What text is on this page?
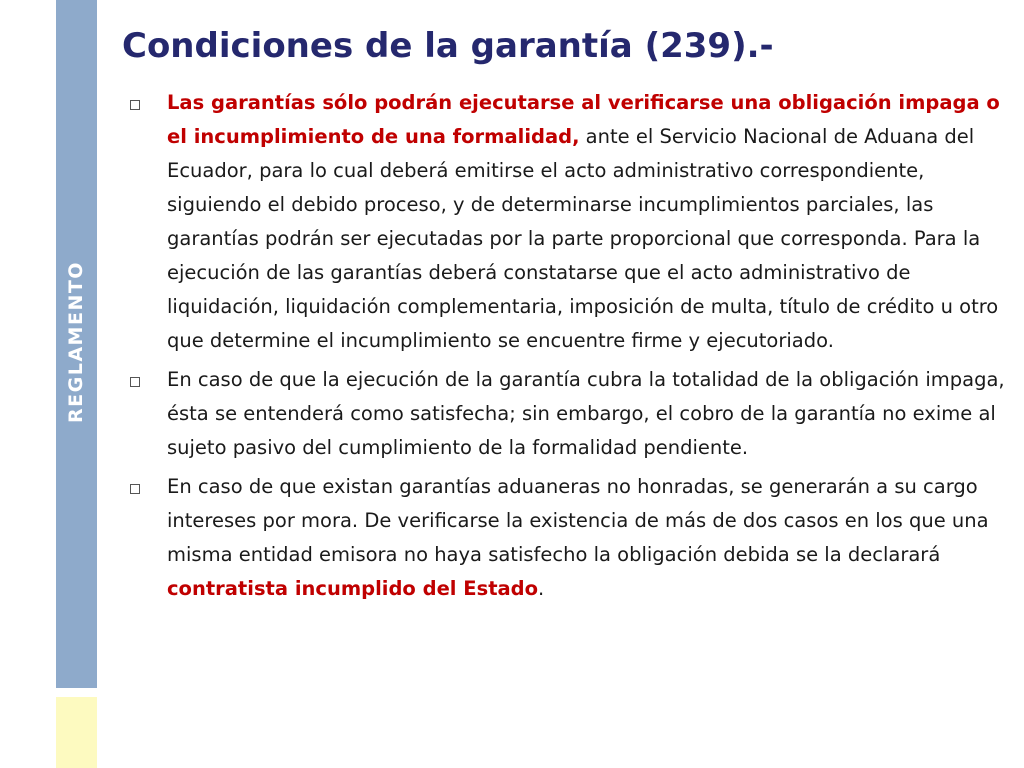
REGLAMENTO
Condiciones de la garantía (239).-
Las garantías sólo podrán ejecutarse al verificarse una obligación impaga o el incumplimiento de una formalidad, ante el Servicio Nacional de Aduana del Ecuador, para lo cual deberá emitirse el acto administrativo correspondiente, siguiendo el debido proceso, y de determinarse incumplimientos parciales, las garantías podrán ser ejecutadas por la parte proporcional que corresponda. Para la ejecución de las garantías deberá constatarse que el acto administrativo de liquidación, liquidación complementaria, imposición de multa, título de crédito u otro que determine el incumplimiento se encuentre firme y ejecutoriado.
En caso de que la ejecución de la garantía cubra la totalidad de la obligación impaga, ésta se entenderá como satisfecha; sin embargo, el cobro de la garantía no exime al sujeto pasivo del cumplimiento de la formalidad pendiente.
En caso de que existan garantías aduaneras no honradas, se generarán a su cargo intereses por mora. De verificarse la existencia de más de dos casos en los que una misma entidad emisora no haya satisfecho la obligación debida se la declarará contratista incumplido del Estado.
